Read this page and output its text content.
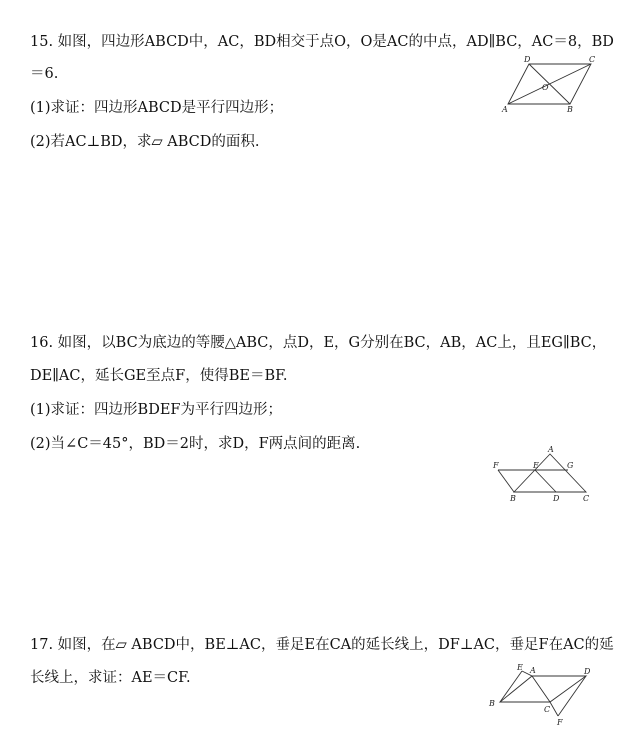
15. 如图，四边形ABCD中，AC，BD相交于点O，O是AC的中点，AD∥BC，AC＝8，BD
＝6.
(1)求证：四边形ABCD是平行四边形；
(2)若AC⊥BD，求▱ ABCD的面积.
D	C
O
A	B
16. 如图，以BC为底边的等腰△ABC，点D，E，G分别在BC，AB，AC上，且EG∥BC，
DE∥AC，延长GE至点F，使得BE＝BF.
(1)求证：四边形BDEF为平行四边形；
(2)当∠C＝45°，BD＝2时，求D，F两点间的距离.	A
F	E	G
B	D	C
17. 如图，在▱ ABCD中，BE⊥AC，垂足E在CA的延长线上，DF⊥AC，垂足F在AC的延
长线上，求证：AE＝CF.
E A	D
B
C
F
